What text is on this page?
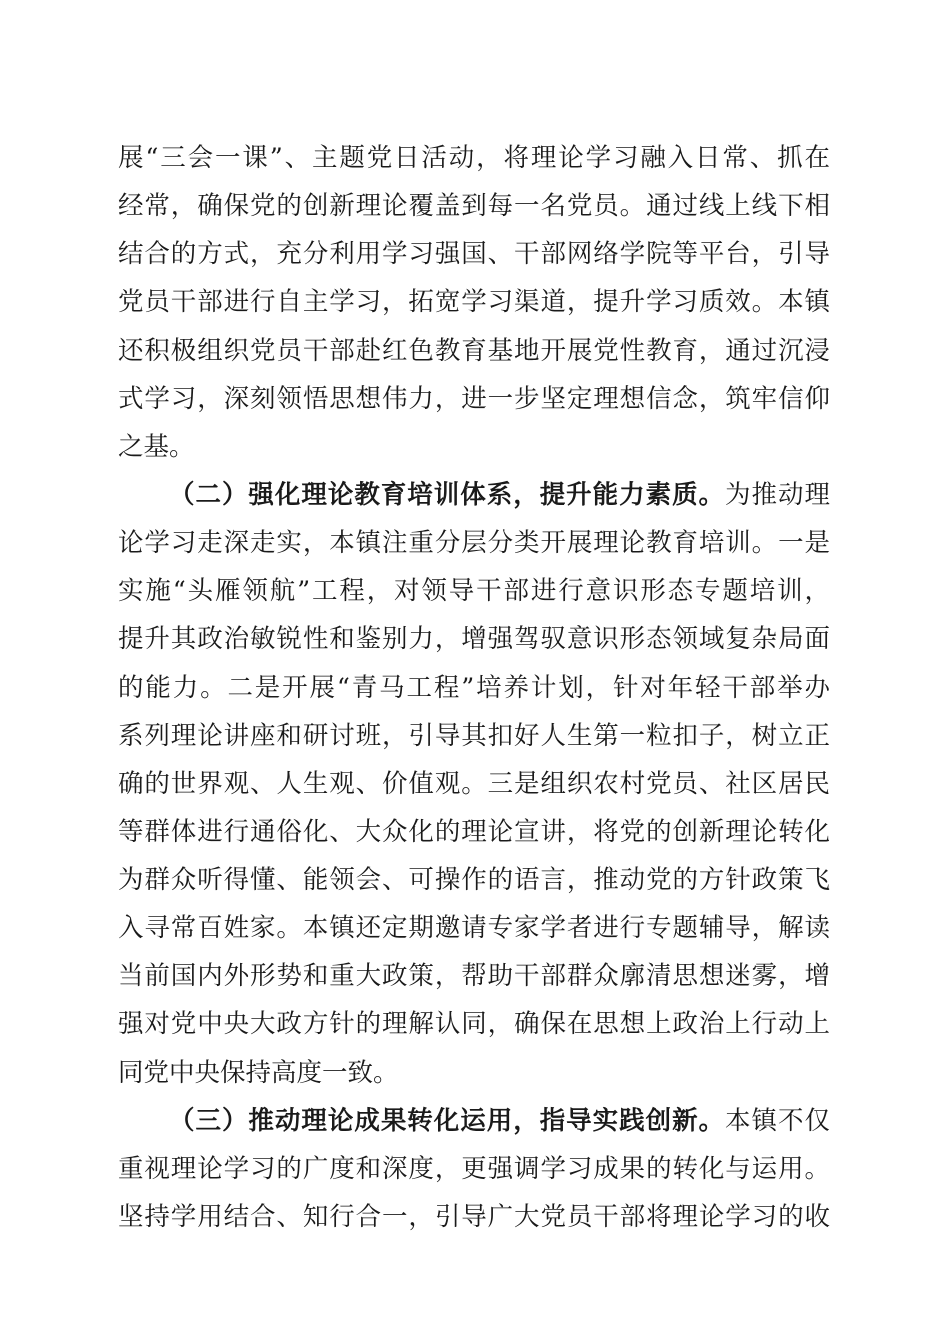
展“三会一课”、主题党日活动，将理论学习融入日常、抓在
经常，确保党的创新理论覆盖到每一名党员。通过线上线下相
结合的方式，充分利用学习强国、干部网络学院等平台，引导
党员干部进行自主学习，拓宽学习渠道，提升学习质效。本镇
还积极组织党员干部赴红色教育基地开展党性教育，通过沉浸
式学习，深刻领悟思想伟力，进一步坚定理想信念，筑牢信仰
之基。
（二）强化理论教育培训体系，提升能力素质。为推动理
论学习走深走实，本镇注重分层分类开展理论教育培训。一是
实施“头雁领航”工程，对领导干部进行意识形态专题培训，
提升其政治敏锐性和鉴别力，增强驾驭意识形态领域复杂局面
的能力。二是开展“青马工程”培养计划，针对年轻干部举办
系列理论讲座和研讨班，引导其扣好人生第一粒扣子，树立正
确的世界观、人生观、价值观。三是组织农村党员、社区居民
等群体进行通俗化、大众化的理论宣讲，将党的创新理论转化
为群众听得懂、能领会、可操作的语言，推动党的方针政策飞
入寻常百姓家。本镇还定期邀请专家学者进行专题辅导，解读
当前国内外形势和重大政策，帮助干部群众廓清思想迷雾，增
强对党中央大政方针的理解认同，确保在思想上政治上行动上
同党中央保持高度一致。
（三）推动理论成果转化运用，指导实践创新。本镇不仅
重视理论学习的广度和深度，更强调学习成果的转化与运用。
坚持学用结合、知行合一，引导广大党员干部将理论学习的收
